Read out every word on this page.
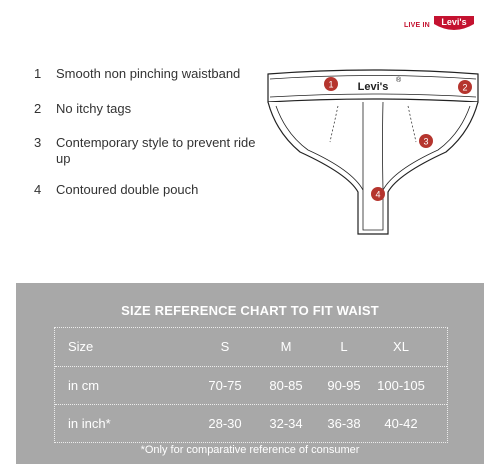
LIVE IN Levi's
1 Smooth non pinching waistband
2 No itchy tags
3 Contemporary style to prevent ride up
4 Contoured double pouch
Levi's
®
1	2
3
4
SIZE REFERENCE CHART TO FIT WAIST
Size	S	M	L	XL
in cm	70-75	80-85	90-95	100-105
in inch*	28-30	32-34	36-38	40-42
*Only for comparative reference of consumer
